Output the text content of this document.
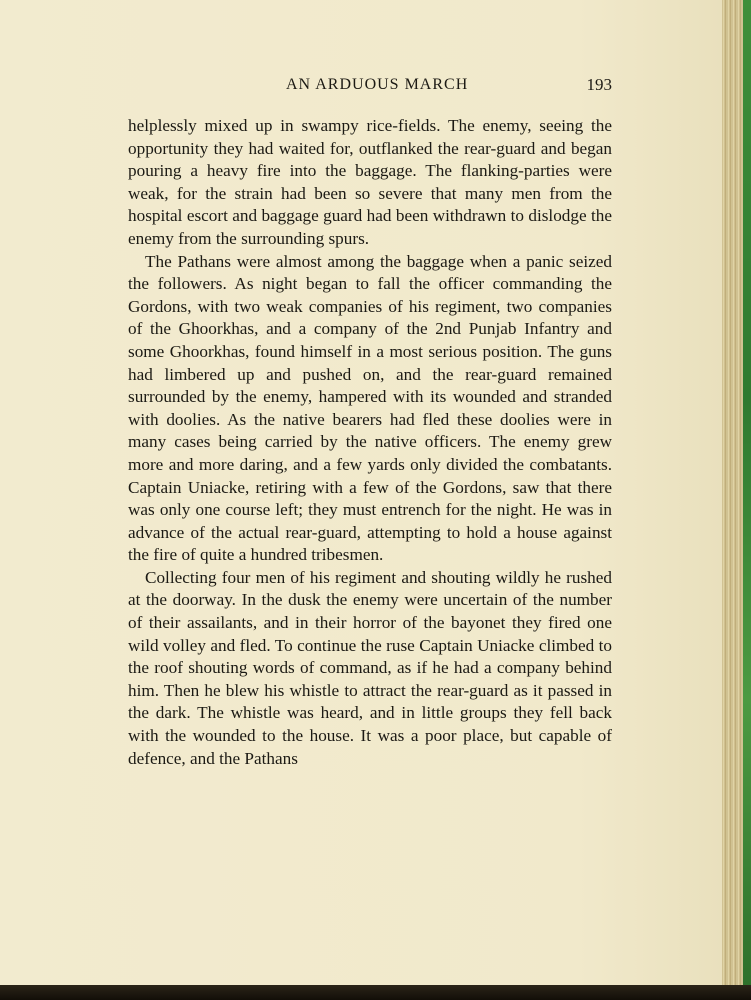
AN ARDUOUS MARCH	193

helplessly mixed up in swampy rice-fields. The enemy, seeing the opportunity they had waited for, outflanked the rear-guard and began pouring a heavy fire into the baggage. The flanking-parties were weak, for the strain had been so severe that many men from the hospital escort and baggage guard had been withdrawn to dislodge the enemy from the surrounding spurs.

The Pathans were almost among the baggage when a panic seized the followers. As night began to fall the officer commanding the Gordons, with two weak companies of his regiment, two companies of the Ghoorkhas, and a company of the 2nd Punjab Infantry and some Ghoorkhas, found himself in a most serious position. The guns had limbered up and pushed on, and the rear-guard remained surrounded by the enemy, hampered with its wounded and stranded with doolies. As the native bearers had fled these doolies were in many cases being carried by the native officers. The enemy grew more and more daring, and a few yards only divided the combatants. Captain Uniacke, retiring with a few of the Gordons, saw that there was only one course left; they must entrench for the night. He was in advance of the actual rear-guard, attempting to hold a house against the fire of quite a hundred tribesmen.

Collecting four men of his regiment and shouting wildly he rushed at the doorway. In the dusk the enemy were uncertain of the number of their assailants, and in their horror of the bayonet they fired one wild volley and fled. To continue the ruse Captain Uniacke climbed to the roof shouting words of command, as if he had a company behind him. Then he blew his whistle to attract the rear-guard as it passed in the dark. The whistle was heard, and in little groups they fell back with the wounded to the house. It was a poor place, but capable of defence, and the Pathans
